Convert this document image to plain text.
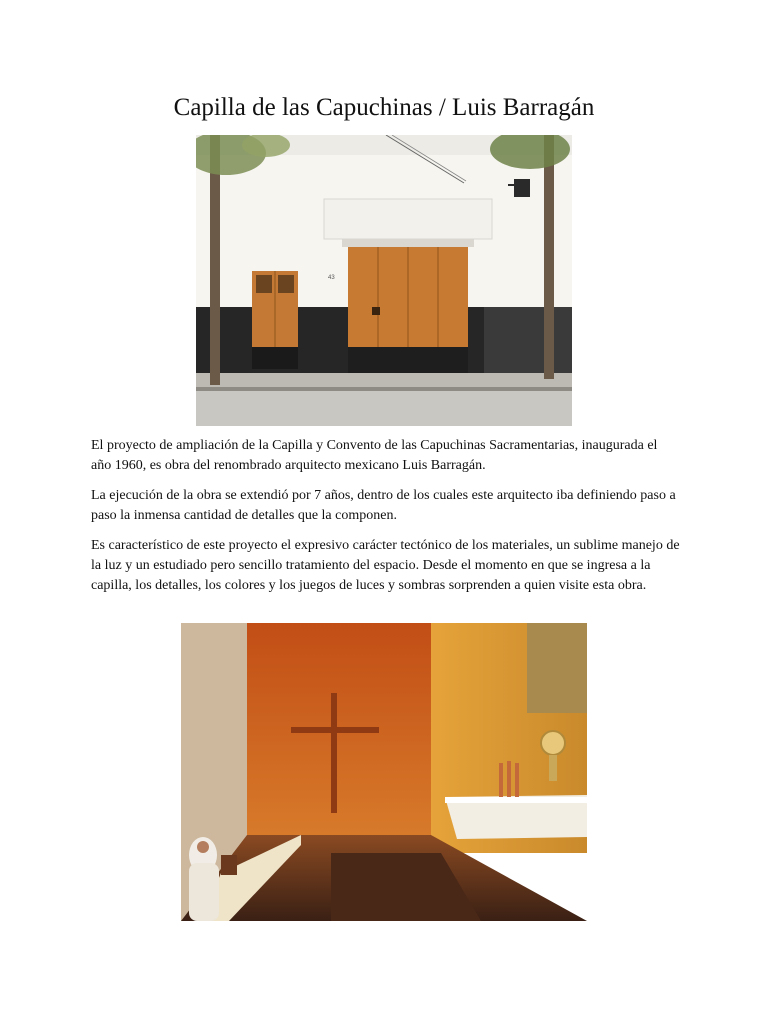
Capilla de las Capuchinas / Luis Barragán
43

El proyecto de ampliación de la Capilla y Convento de las Capuchinas Sacramentarias, inaugurada el año 1960, es obra del renombrado arquitecto mexicano Luis Barragán.

La ejecución de la obra se extendió por 7 años, dentro de los cuales este arquitecto iba definiendo paso a paso la inmensa cantidad de detalles que la componen.

Es característico de este proyecto el expresivo carácter tectónico de los materiales, un sublime manejo de la luz y un estudiado pero sencillo tratamiento del espacio. Desde el momento en que se ingresa a la capilla, los detalles, los colores y los juegos de luces y sombras sorprenden a quien visite esta obra.
